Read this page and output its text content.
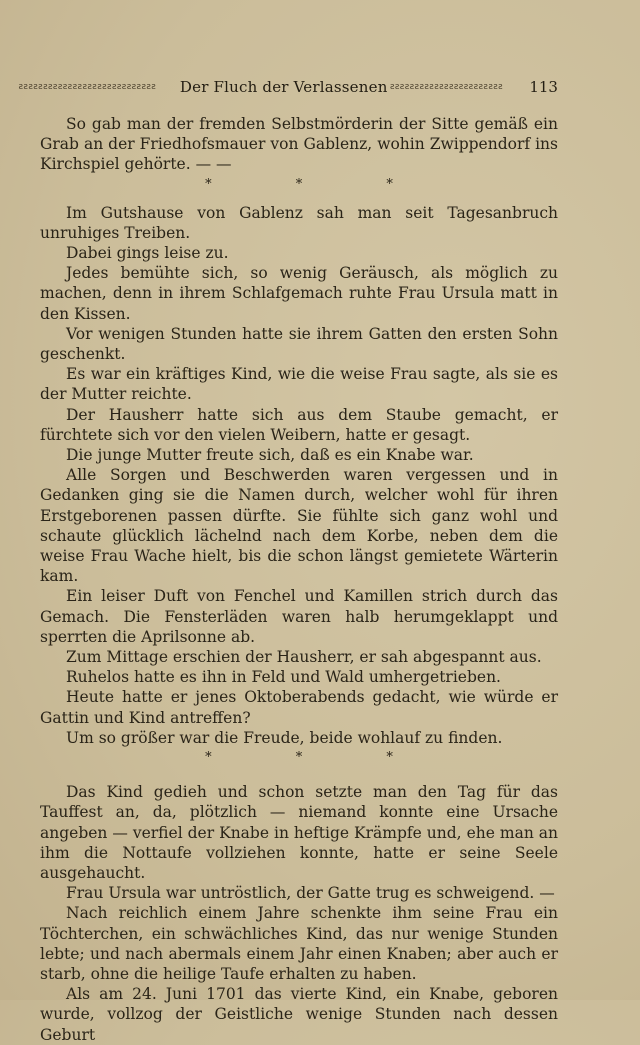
ƨƨƨƨƨƨƨƨƨƨƨƨƨƨƨƨƨƨƨƨƨƨƨƨƨƨƨƨ	Der Fluch der Verlassenen ƨƨƨƨƨƨƨƨƨƨƨƨƨƨƨƨƨƨƨƨƨƨƨ	113

So gab man der fremden Selbstmörderin der Sitte gemäß ein Grab an der Friedhofsmauer von Gablenz, wohin Zwippendorf ins Kirchspiel gehörte. — —

* * *

Im Gutshause von Gablenz sah man seit Tagesanbruch unruhiges Treiben.

Dabei gings leise zu.

Jedes bemühte sich, so wenig Geräusch, als möglich zu machen, denn in ihrem Schlafgemach ruhte Frau Ursula matt in den Kissen.

Vor wenigen Stunden hatte sie ihrem Gatten den ersten Sohn geschenkt.

Es war ein kräftiges Kind, wie die weise Frau sagte, als sie es der Mutter reichte.

Der Hausherr hatte sich aus dem Staube gemacht, er fürchtete sich vor den vielen Weibern, hatte er gesagt.

Die junge Mutter freute sich, daß es ein Knabe war.

Alle Sorgen und Beschwerden waren vergessen und in Gedanken ging sie die Namen durch, welcher wohl für ihren Erstgeborenen passen dürfte. Sie fühlte sich ganz wohl und schaute glücklich lächelnd nach dem Korbe, neben dem die weise Frau Wache hielt, bis die schon längst gemietete Wärterin kam.

Ein leiser Duft von Fenchel und Kamillen strich durch das Gemach. Die Fensterläden waren halb herumgeklappt und sperrten die Aprilsonne ab.

Zum Mittage erschien der Hausherr, er sah abgespannt aus.

Ruhelos hatte es ihn in Feld und Wald umhergetrieben.

Heute hatte er jenes Oktoberabends gedacht, wie würde er Gattin und Kind antreffen?

Um so größer war die Freude, beide wohlauf zu finden.

* * *

Das Kind gedieh und schon setzte man den Tag für das Tauffest an, da, plötzlich — niemand konnte eine Ursache angeben — verfiel der Knabe in heftige Krämpfe und, ehe man an ihm die Nottaufe vollziehen konnte, hatte er seine Seele ausgehaucht.

Frau Ursula war untröstlich, der Gatte trug es schweigend. —

Nach reichlich einem Jahre schenkte ihm seine Frau ein Töchterchen, ein schwächliches Kind, das nur wenige Stunden lebte; und nach abermals einem Jahr einen Knaben; aber auch er starb, ohne die heilige Taufe erhalten zu haben.

Als am 24. Juni 1701 das vierte Kind, ein Knabe, geboren wurde, vollzog der Geistliche wenige Stunden nach dessen Geburt
